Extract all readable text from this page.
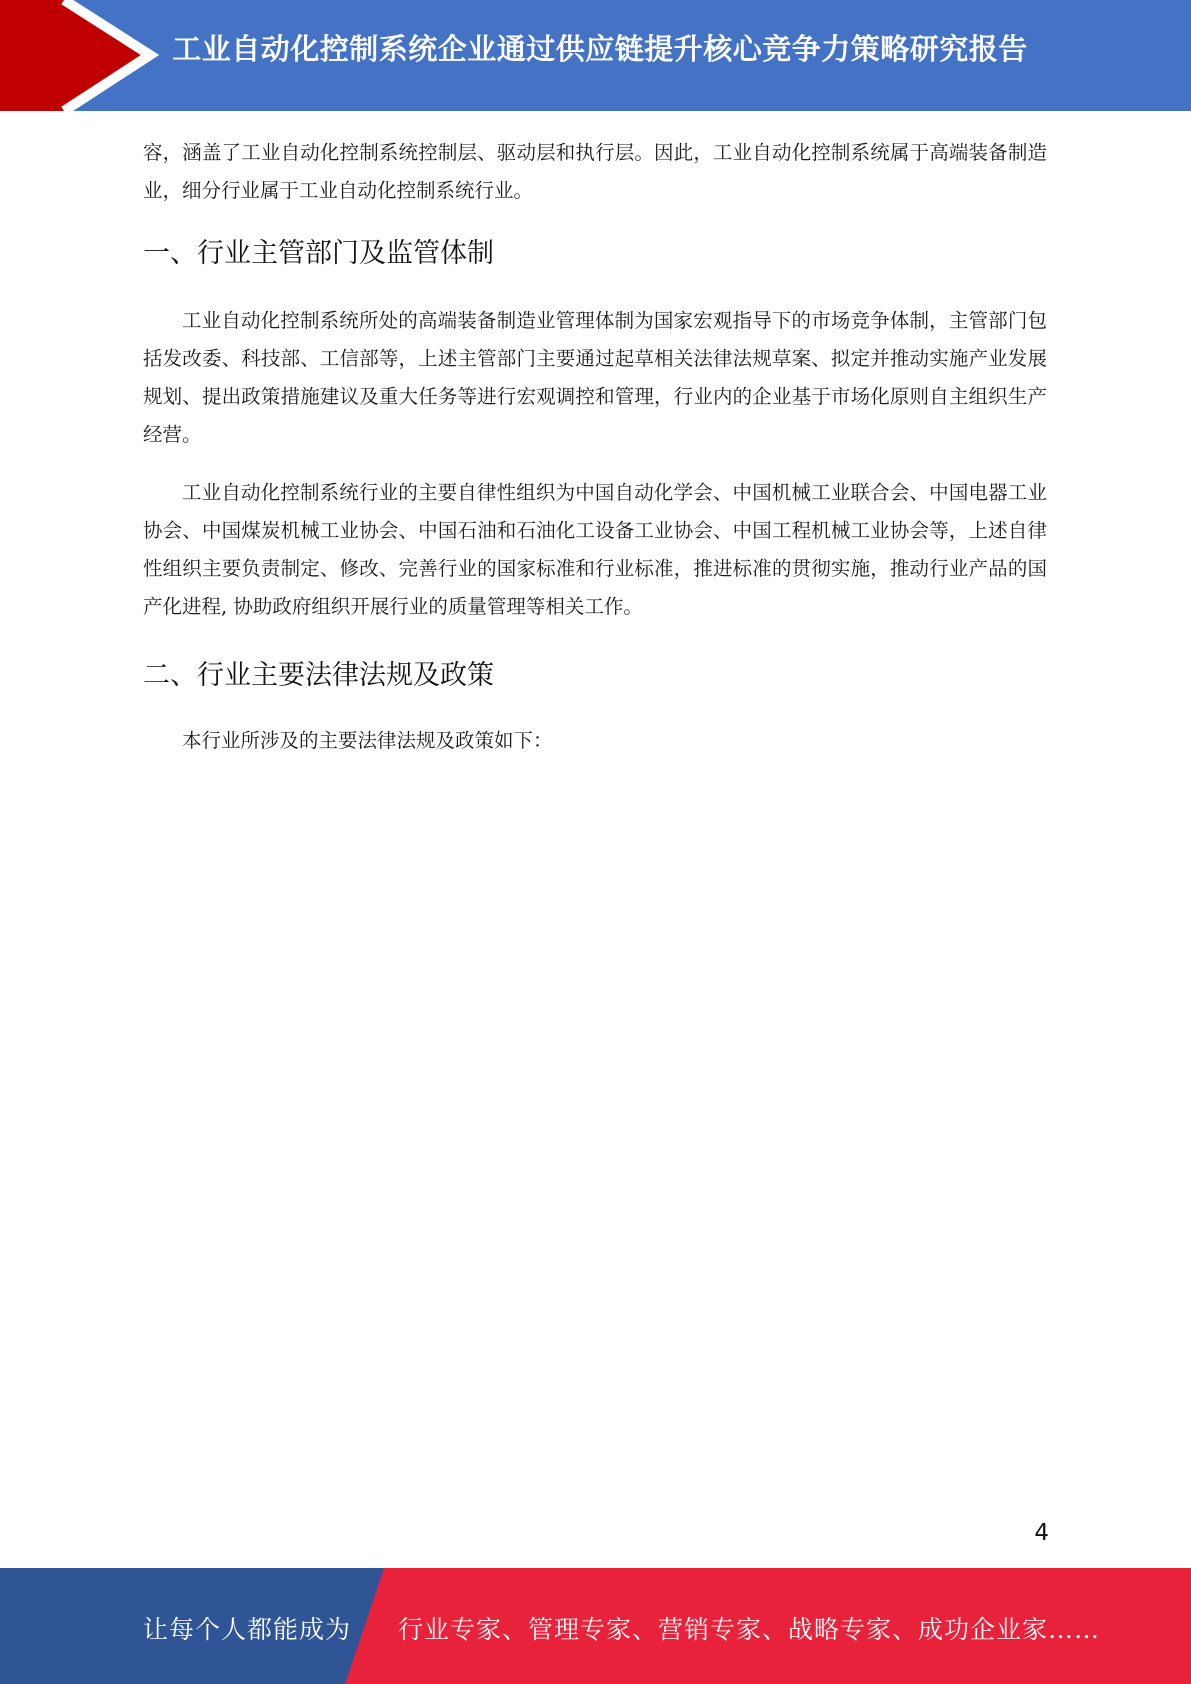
工业自动化控制系统企业通过供应链提升核心竞争力策略研究报告

容，涵盖了工业自动化控制系统控制层、驱动层和执行层。因此，工业自动化控制系统属于高端装备制造业，细分行业属于工业自动化控制系统行业。

一、行业主管部门及监管体制

工业自动化控制系统所处的高端装备制造业管理体制为国家宏观指导下的市场竞争体制，主管部门包括发改委、科技部、工信部等，上述主管部门主要通过起草相关法律法规草案、拟定并推动实施产业发展规划、提出政策措施建议及重大任务等进行宏观调控和管理，行业内的企业基于市场化原则自主组织生产经营。

工业自动化控制系统行业的主要自律性组织为中国自动化学会、中国机械工业联合会、中国电器工业协会、中国煤炭机械工业协会、中国石油和石油化工设备工业协会、中国工程机械工业协会等，上述自律性组织主要负责制定、修改、完善行业的国家标准和行业标准，推进标准的贯彻实施，推动行业产品的国产化进程, 协助政府组织开展行业的质量管理等相关工作。

二、行业主要法律法规及政策

本行业所涉及的主要法律法规及政策如下：

4
让每个人都能成为 行业专家、管理专家、营销专家、战略专家、成功企业家……
